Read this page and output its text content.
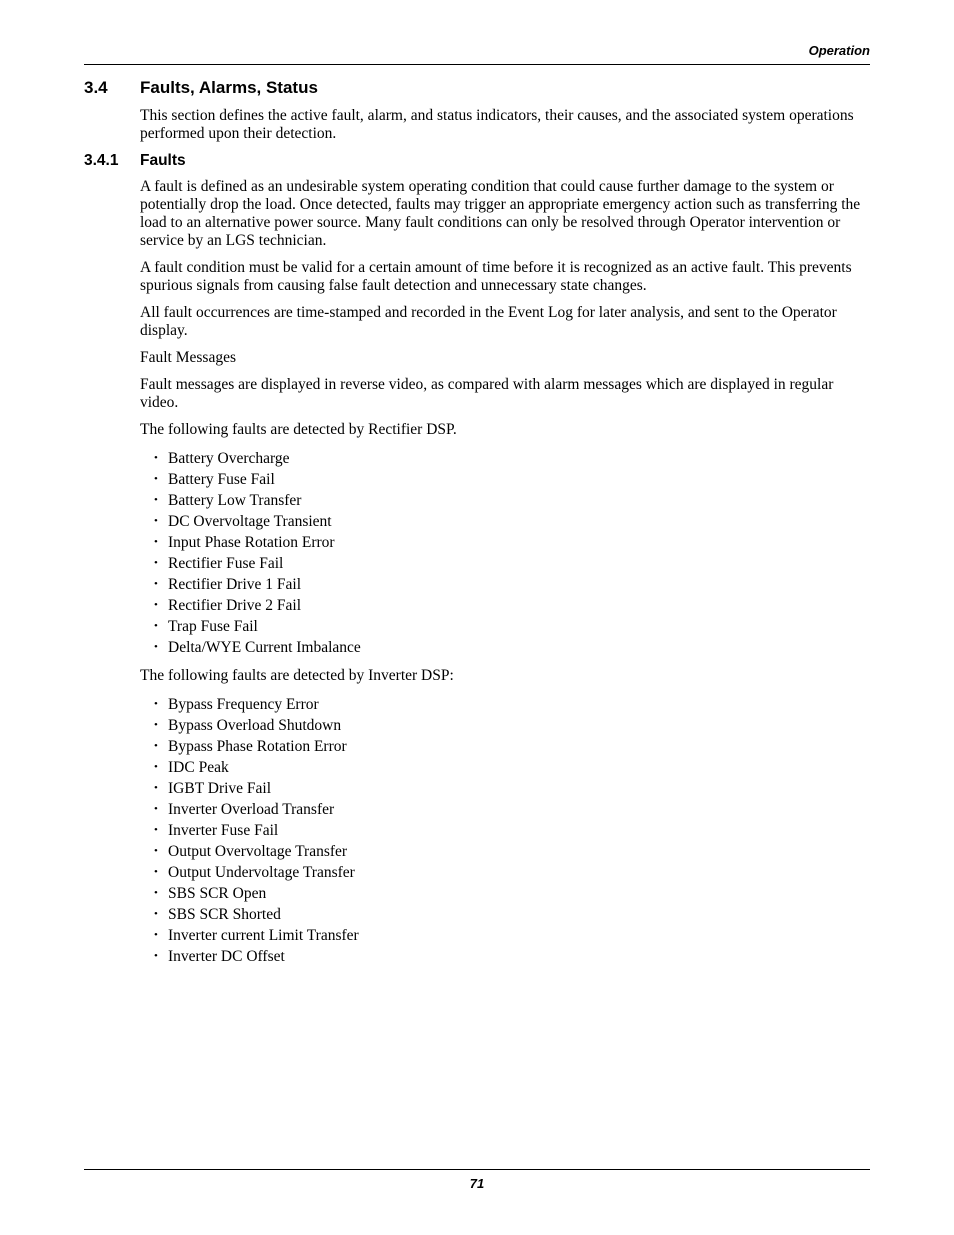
Operation
3.4	Faults, Alarms, Status

This section defines the active fault, alarm, and status indicators, their causes, and the associated system operations performed upon their detection.

3.4.1	Faults

A fault is defined as an undesirable system operating condition that could cause further damage to the system or potentially drop the load. Once detected, faults may trigger an appropriate emergency action such as transferring the load to an alternative power source. Many fault conditions can only be resolved through Operator intervention or service by an LGS technician.

A fault condition must be valid for a certain amount of time before it is recognized as an active fault. This prevents spurious signals from causing false fault detection and unnecessary state changes.

All fault occurrences are time-stamped and recorded in the Event Log for later analysis, and sent to the Operator display.

Fault Messages

Fault messages are displayed in reverse video, as compared with alarm messages which are displayed in regular video.

The following faults are detected by Rectifier DSP.

• Battery Overcharge
• Battery Fuse Fail
• Battery Low Transfer
• DC Overvoltage Transient
• Input Phase Rotation Error
• Rectifier Fuse Fail
• Rectifier Drive 1 Fail
• Rectifier Drive 2 Fail
• Trap Fuse Fail
• Delta/WYE Current Imbalance

The following faults are detected by Inverter DSP:

• Bypass Frequency Error
• Bypass Overload Shutdown
• Bypass Phase Rotation Error
• IDC Peak
• IGBT Drive Fail
• Inverter Overload Transfer
• Inverter Fuse Fail
• Output Overvoltage Transfer
• Output Undervoltage Transfer
• SBS SCR Open
• SBS SCR Shorted
• Inverter current Limit Transfer
• Inverter DC Offset
71
